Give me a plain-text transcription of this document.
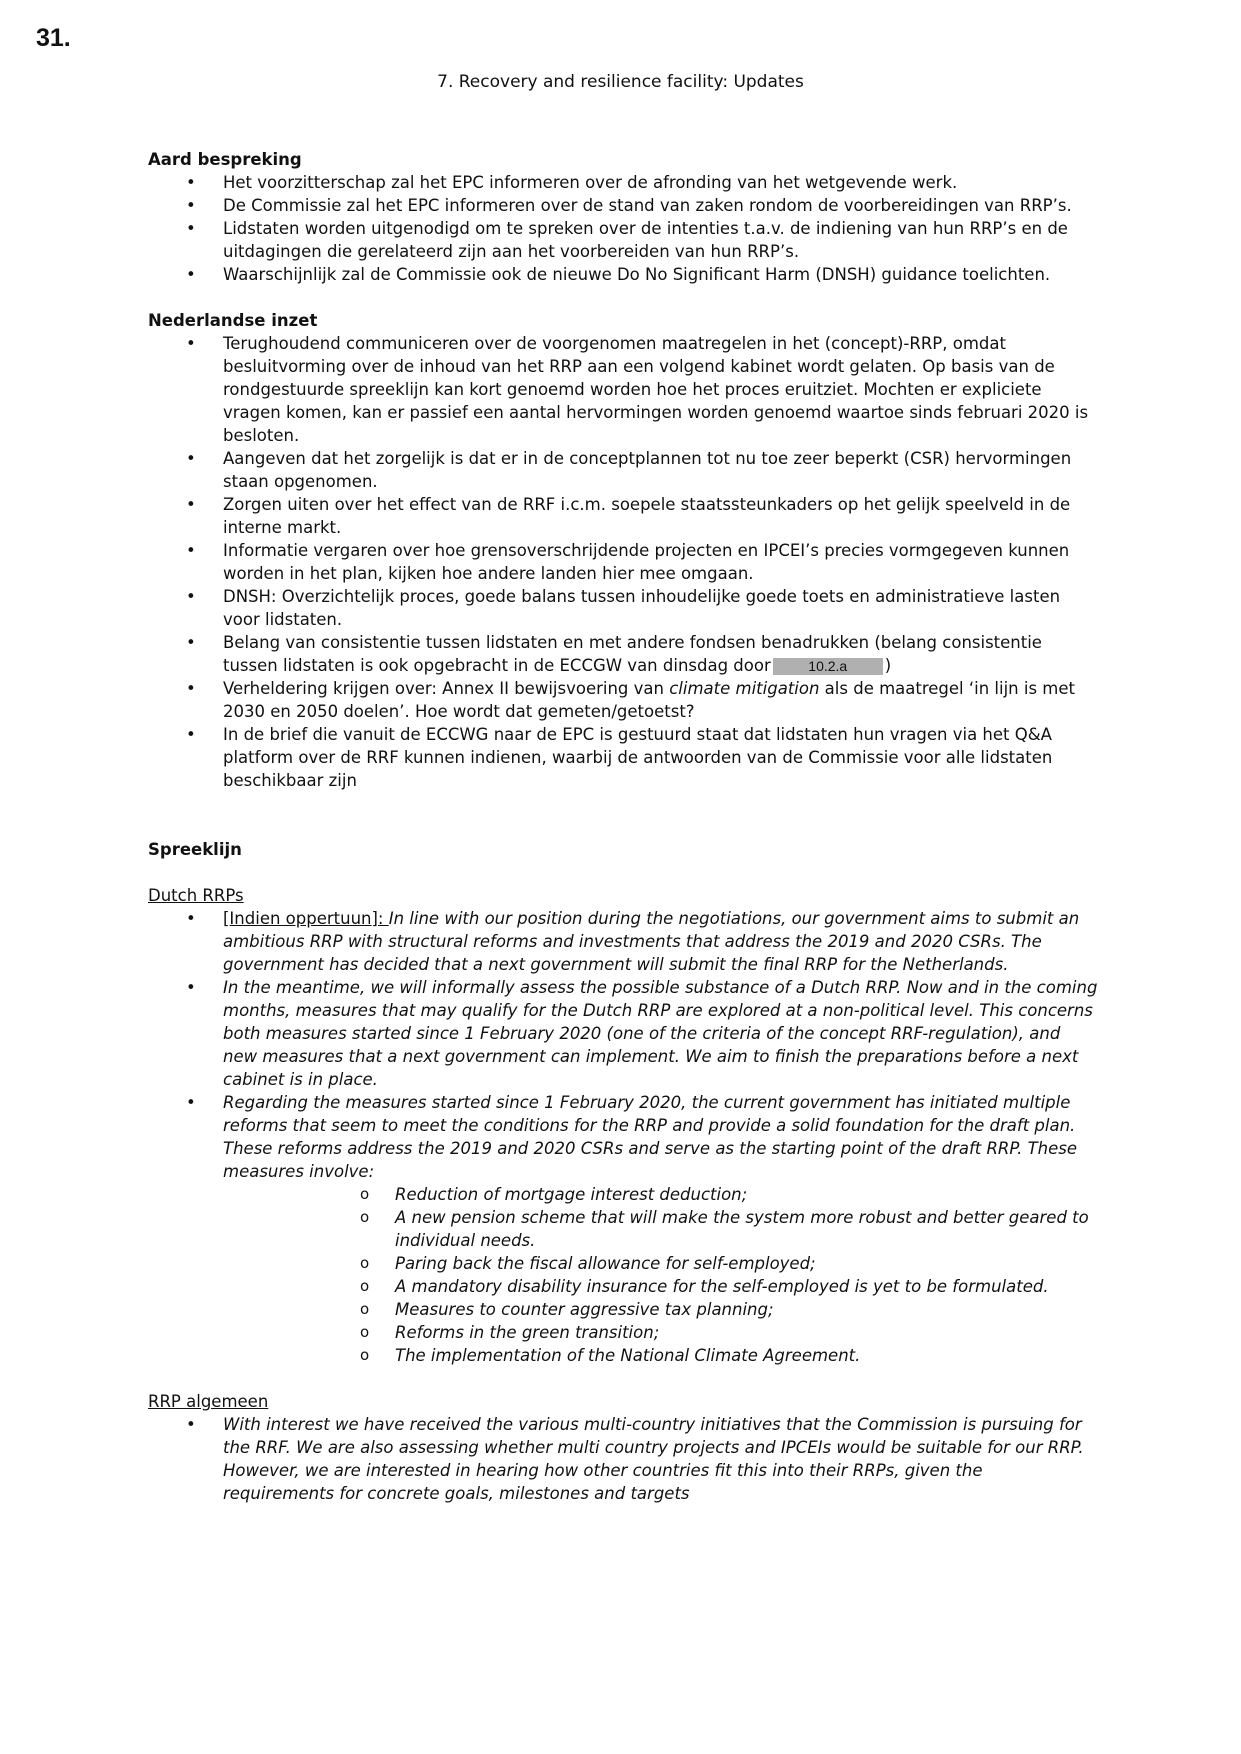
31.
7. Recovery and resilience facility: Updates
Aard bespreking
• Het voorzitterschap zal het EPC informeren over de afronding van het wetgevende werk.
• De Commissie zal het EPC informeren over de stand van zaken rondom de voorbereidingen van RRP’s.
• Lidstaten worden uitgenodigd om te spreken over de intenties t.a.v. de indiening van hun RRP’s en de uitdagingen die gerelateerd zijn aan het voorbereiden van hun RRP’s.
• Waarschijnlijk zal de Commissie ook de nieuwe Do No Significant Harm (DNSH) guidance toelichten.
Nederlandse inzet
• Terughoudend communiceren over de voorgenomen maatregelen in het (concept)-RRP, omdat besluitvorming over de inhoud van het RRP aan een volgend kabinet wordt gelaten. Op basis van de rondgestuurde spreeklijn kan kort genoemd worden hoe het proces eruitziet. Mochten er expliciete vragen komen, kan er passief een aantal hervormingen worden genoemd waartoe sinds februari 2020 is besloten.
• Aangeven dat het zorgelijk is dat er in de conceptplannen tot nu toe zeer beperkt (CSR) hervormingen staan opgenomen.
• Zorgen uiten over het effect van de RRF i.c.m. soepele staatssteunkaders op het gelijk speelveld in de interne markt.
• Informatie vergaren over hoe grensoverschrijdende projecten en IPCEI’s precies vormgegeven kunnen worden in het plan, kijken hoe andere landen hier mee omgaan.
• DNSH: Overzichtelijk proces, goede balans tussen inhoudelijke goede toets en administratieve lasten voor lidstaten.
• Belang van consistentie tussen lidstaten en met andere fondsen benadrukken (belang consistentie tussen lidstaten is ook opgebracht in de ECCGW van dinsdag door	10.2.a )
• Verheldering krijgen over: Annex II bewijsvoering van climate mitigation als de maatregel ‘in lijn is met 2030 en 2050 doelen’. Hoe wordt dat gemeten/getoetst?
• In de brief die vanuit de ECCWG naar de EPC is gestuurd staat dat lidstaten hun vragen via het Q&A platform over de RRF kunnen indienen, waarbij de antwoorden van de Commissie voor alle lidstaten beschikbaar zijn
Spreeklijn

Dutch RRPs

• [Indien oppertuun]: In line with our position during the negotiations, our government aims to submit an ambitious RRP with structural reforms and investments that address the 2019 and 2020 CSRs. The government has decided that a next government will submit the final RRP for the Netherlands.
• In the meantime, we will informally assess the possible substance of a Dutch RRP. Now and in the coming months, measures that may qualify for the Dutch RRP are explored at a non-political level. This concerns both measures started since 1 February 2020 (one of the criteria of the concept RRF-regulation), and new measures that a next government can implement. We aim to finish the preparations before a next cabinet is in place.
• Regarding the measures started since 1 February 2020, the current government has initiated multiple reforms that seem to meet the conditions for the RRP and provide a solid foundation for the draft plan. These reforms address the 2019 and 2020 CSRs and serve as the starting point of the draft RRP. These measures involve:
o Reduction of mortgage interest deduction;
o A new pension scheme that will make the system more robust and better geared to individual needs.
o Paring back the fiscal allowance for self-employed;
o A mandatory disability insurance for the self-employed is yet to be formulated.
o Measures to counter aggressive tax planning;
o Reforms in the green transition;
o The implementation of the National Climate Agreement.

RRP algemeen

• With interest we have received the various multi-country initiatives that the Commission is pursuing for the RRF. We are also assessing whether multi country projects and IPCEIs would be suitable for our RRP. However, we are interested in hearing how other countries fit this into their RRPs, given the requirements for concrete goals, milestones and targets
